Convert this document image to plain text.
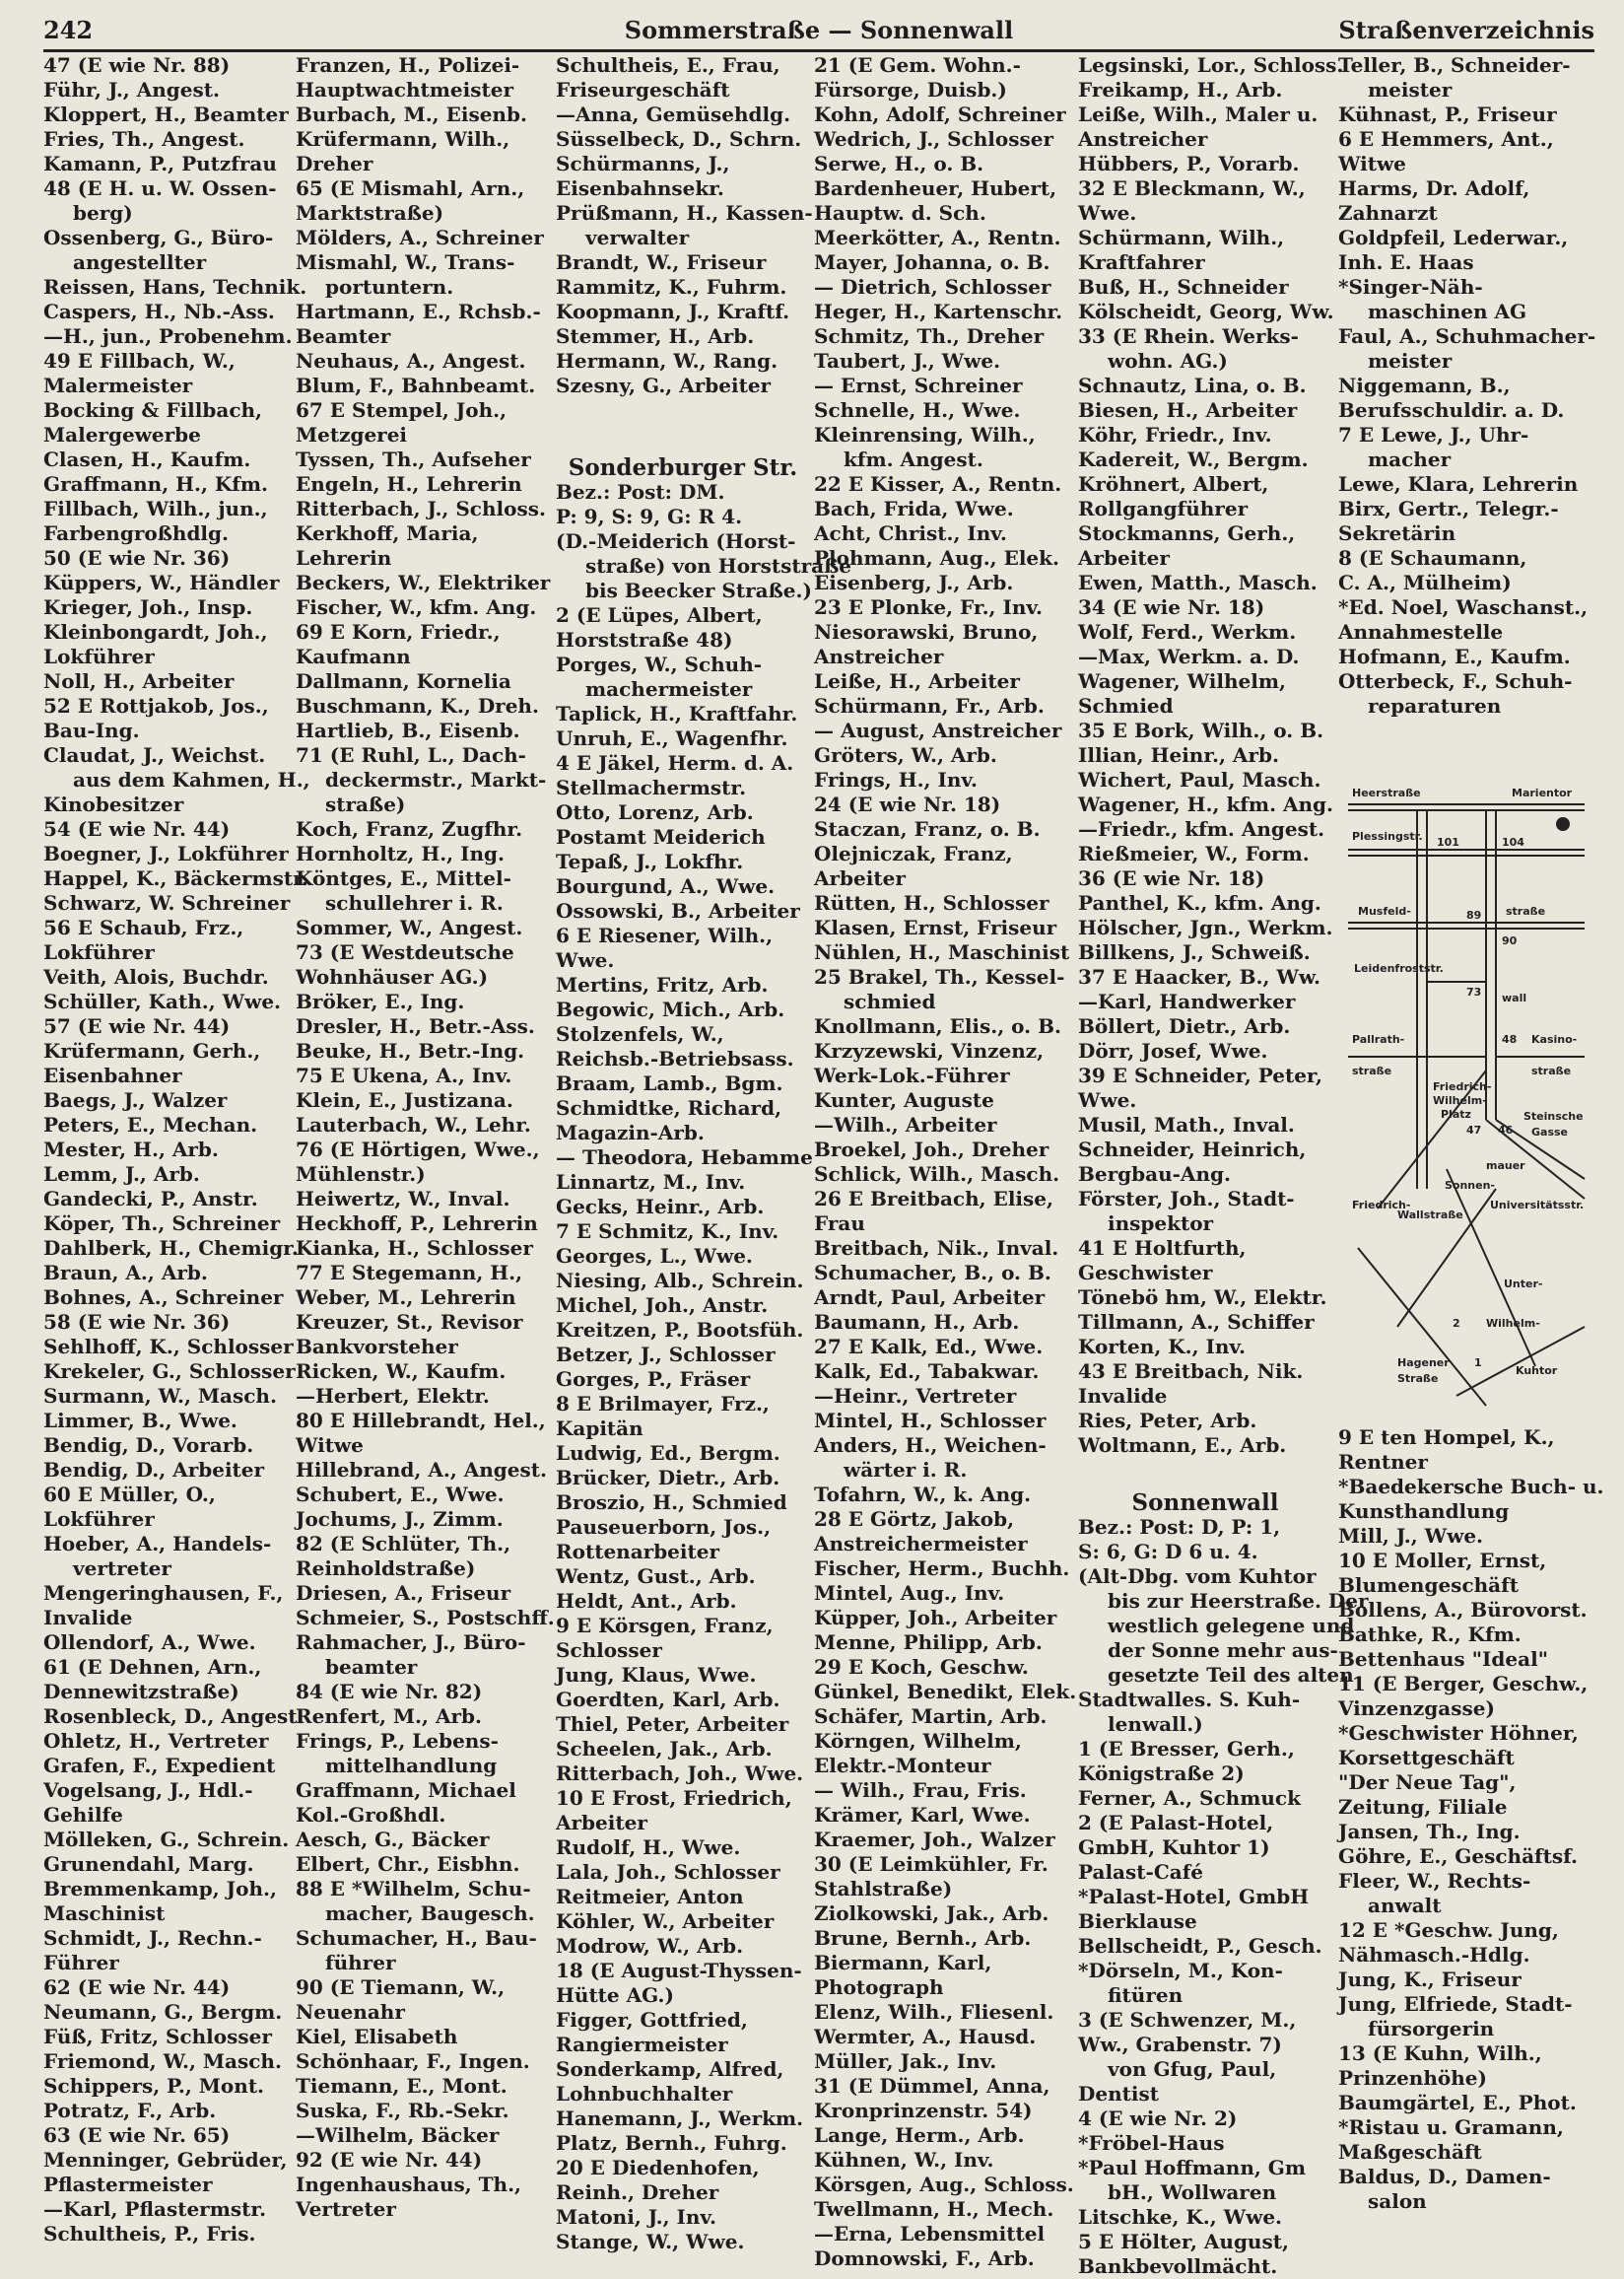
242	Sommerstraße — Sonnenwall	Straßenverzeichnis
47 (E wie Nr. 88)
Führ, J., Angest.
Kloppert, H., Beamter
Fries, Th., Angest.
Kamann, P., Putzfrau
48 (E H. u. W. Ossen-
berg)
Ossenberg, G., Büro-
angestellter
Reissen, Hans, Technik.
Caspers, H., Nb.-Ass.
—H., jun., Probenehm.
49 E Fillbach, W.,
Malermeister
Bocking & Fillbach,
Malergewerbe
Clasen, H., Kaufm.
Graffmann, H., Kfm.
Fillbach, Wilh., jun.,
Farbengroßhdlg.
50 (E wie Nr. 36)
Küppers, W., Händler
Krieger, Joh., Insp.
Kleinbongardt, Joh.,
Lokführer
Noll, H., Arbeiter
52 E Rottjakob, Jos.,
Bau-Ing.
Claudat, J., Weichst.
aus dem Kahmen, H.,
Kinobesitzer
54 (E wie Nr. 44)
Boegner, J., Lokführer
Happel, K., Bäckermstr.
Schwarz, W. Schreiner
56 E Schaub, Frz.,
Lokführer
Veith, Alois, Buchdr.
Schüller, Kath., Wwe.
57 (E wie Nr. 44)
Krüfermann, Gerh.,
Eisenbahner
Baegs, J., Walzer
Peters, E., Mechan.
Mester, H., Arb.
Lemm, J., Arb.
Gandecki, P., Anstr.
Köper, Th., Schreiner
Dahlberk, H., Chemigr.
Braun, A., Arb.
Bohnes, A., Schreiner
58 (E wie Nr. 36)
Sehlhoff, K., Schlosser
Krekeler, G., Schlosser
Surmann, W., Masch.
Limmer, B., Wwe.
Bendig, D., Vorarb.
Bendig, D., Arbeiter
60 E Müller, O.,
Lokführer
Hoeber, A., Handels-
vertreter
Mengeringhausen, F.,
Invalide
Ollendorf, A., Wwe.
61 (E Dehnen, Arn.,
Dennewitzstraße)
Rosenbleck, D., Angest.
Ohletz, H., Vertreter
Grafen, F., Expedient
Vogelsang, J., Hdl.-
Gehilfe
Mölleken, G., Schrein.
Grunendahl, Marg.
Bremmenkamp, Joh.,
Maschinist
Schmidt, J., Rechn.-
Führer
62 (E wie Nr. 44)
Neumann, G., Bergm.
Füß, Fritz, Schlosser
Friemond, W., Masch.
Schippers, P., Mont.
Potratz, F., Arb.
63 (E wie Nr. 65)
Menninger, Gebrüder,
Pflastermeister
—Karl, Pflastermstr.
Schultheis, P., Fris.
Franzen, H., Polizei-
Hauptwachtmeister
Burbach, M., Eisenb.
Krüfermann, Wilh.,
Dreher
65 (E Mismahl, Arn.,
Marktstraße)
Mölders, A., Schreiner
Mismahl, W., Trans-
portuntern.
Hartmann, E., Rchsb.-
Beamter
Neuhaus, A., Angest.
Blum, F., Bahnbeamt.
67 E Stempel, Joh.,
Metzgerei
Tyssen, Th., Aufseher
Engeln, H., Lehrerin
Ritterbach, J., Schloss.
Kerkhoff, Maria,
Lehrerin
Beckers, W., Elektriker
Fischer, W., kfm. Ang.
69 E Korn, Friedr.,
Kaufmann
Dallmann, Kornelia
Buschmann, K., Dreh.
Hartlieb, B., Eisenb.
71 (E Ruhl, L., Dach-
deckermstr., Markt-
straße)
Koch, Franz, Zugfhr.
Hornholtz, H., Ing.
Köntges, E., Mittel-
schullehrer i. R.
Sommer, W., Angest.
73 (E Westdeutsche
Wohnhäuser AG.)
Bröker, E., Ing.
Dresler, H., Betr.-Ass.
Beuke, H., Betr.-Ing.
75 E Ukena, A., Inv.
Klein, E., Justizana.
Lauterbach, W., Lehr.
76 (E Hörtigen, Wwe.,
Mühlenstr.)
Heiwertz, W., Inval.
Heckhoff, P., Lehrerin
Kianka, H., Schlosser
77 E Stegemann, H.,
Weber, M., Lehrerin
Kreuzer, St., Revisor
Bankvorsteher
Ricken, W., Kaufm.
—Herbert, Elektr.
80 E Hillebrandt, Hel.,
Witwe
Hillebrand, A., Angest.
Schubert, E., Wwe.
Jochums, J., Zimm.
82 (E Schlüter, Th.,
Reinholdstraße)
Driesen, A., Friseur
Schmeier, S., Postschff.
Rahmacher, J., Büro-
beamter
84 (E wie Nr. 82)
Renfert, M., Arb.
Frings, P., Lebens-
mittelhandlung
Graffmann, Michael
Kol.-Großhdl.
Aesch, G., Bäcker
Elbert, Chr., Eisbhn.
88 E *Wilhelm, Schu-
macher, Baugesch.
Schumacher, H., Bau-
führer
90 (E Tiemann, W.,
Neuenahr
Kiel, Elisabeth
Schönhaar, F., Ingen.
Tiemann, E., Mont.
Suska, F., Rb.-Sekr.
—Wilhelm, Bäcker
92 (E wie Nr. 44)
Ingenhaushaus, Th.,
Vertreter
Schultheis, E., Frau,
Friseurgeschäft
—Anna, Gemüsehdlg.
Süsselbeck, D., Schrn.
Schürmanns, J.,
Eisenbahnsekr.
Prüßmann, H., Kassen-
verwalter
Brandt, W., Friseur
Rammitz, K., Fuhrm.
Koopmann, J., Kraftf.
Stemmer, H., Arb.
Hermann, W., Rang.
Szesny, G., Arbeiter

Sonderburger Str.
Bez.: Post: DM.
P: 9, S: 9, G: R 4.
(D.-Meiderich (Horst-
straße) von Horststraße
bis Beecker Straße.)
2 (E Lüpes, Albert,
Horststraße 48)
Porges, W., Schuh-
machermeister
Taplick, H., Kraftfahr.
Unruh, E., Wagenfhr.
4 E Jäkel, Herm. d. A.
Stellmachermstr.
Otto, Lorenz, Arb.
Postamt Meiderich
Tepaß, J., Lokfhr.
Bourgund, A., Wwe.
Ossowski, B., Arbeiter
6 E Riesener, Wilh.,
Wwe.
Mertins, Fritz, Arb.
Begowic, Mich., Arb.
Stolzenfels, W.,
Reichsb.-Betriebsass.
Braam, Lamb., Bgm.
Schmidtke, Richard,
Magazin-Arb.
— Theodora, Hebamme
Linnartz, M., Inv.
Gecks, Heinr., Arb.
7 E Schmitz, K., Inv.
Georges, L., Wwe.
Niesing, Alb., Schrein.
Michel, Joh., Anstr.
Kreitzen, P., Bootsfüh.
Betzer, J., Schlosser
Gorges, P., Fräser
8 E Brilmayer, Frz.,
Kapitän
Ludwig, Ed., Bergm.
Brücker, Dietr., Arb.
Broszio, H., Schmied
Pauseuerborn, Jos.,
Rottenarbeiter
Wentz, Gust., Arb.
Heldt, Ant., Arb.
9 E Körsgen, Franz,
Schlosser
Jung, Klaus, Wwe.
Goerdten, Karl, Arb.
Thiel, Peter, Arbeiter
Scheelen, Jak., Arb.
Ritterbach, Joh., Wwe.
10 E Frost, Friedrich,
Arbeiter
Rudolf, H., Wwe.
Lala, Joh., Schlosser
Reitmeier, Anton
Köhler, W., Arbeiter
Modrow, W., Arb.
18 (E August-Thyssen-
Hütte AG.)
Figger, Gottfried,
Rangiermeister
Sonderkamp, Alfred,
Lohnbuchhalter
Hanemann, J., Werkm.
Platz, Bernh., Fuhrg.
20 E Diedenhofen,
Reinh., Dreher
Matoni, J., Inv.
Stange, W., Wwe.
21 (E Gem. Wohn.-
Fürsorge, Duisb.)
Kohn, Adolf, Schreiner
Wedrich, J., Schlosser
Serwe, H., o. B.
Bardenheuer, Hubert,
Hauptw. d. Sch.
Meerkötter, A., Rentn.
Mayer, Johanna, o. B.
— Dietrich, Schlosser
Heger, H., Kartenschr.
Schmitz, Th., Dreher
Taubert, J., Wwe.
— Ernst, Schreiner
Schnelle, H., Wwe.
Kleinrensing, Wilh.,
kfm. Angest.
22 E Kisser, A., Rentn.
Bach, Frida, Wwe.
Acht, Christ., Inv.
Plohmann, Aug., Elek.
Eisenberg, J., Arb.
23 E Plonke, Fr., Inv.
Niesorawski, Bruno,
Anstreicher
Leiße, H., Arbeiter
Schürmann, Fr., Arb.
— August, Anstreicher
Gröters, W., Arb.
Frings, H., Inv.
24 (E wie Nr. 18)
Staczan, Franz, o. B.
Olejniczak, Franz,
Arbeiter
Rütten, H., Schlosser
Klasen, Ernst, Friseur
Nühlen, H., Maschinist
25 Brakel, Th., Kessel-
schmied
Knollmann, Elis., o. B.
Krzyzewski, Vinzenz,
Werk-Lok.-Führer
Kunter, Auguste
—Wilh., Arbeiter
Broekel, Joh., Dreher
Schlick, Wilh., Masch.
26 E Breitbach, Elise,
Frau
Breitbach, Nik., Inval.
Schumacher, B., o. B.
Arndt, Paul, Arbeiter
Baumann, H., Arb.
27 E Kalk, Ed., Wwe.
Kalk, Ed., Tabakwar.
—Heinr., Vertreter
Mintel, H., Schlosser
Anders, H., Weichen-
wärter i. R.
Tofahrn, W., k. Ang.
28 E Görtz, Jakob,
Anstreichermeister
Fischer, Herm., Buchh.
Mintel, Aug., Inv.
Küpper, Joh., Arbeiter
Menne, Philipp, Arb.
29 E Koch, Geschw.
Günkel, Benedikt, Elek.
Schäfer, Martin, Arb.
Körngen, Wilhelm,
Elektr.-Monteur
— Wilh., Frau, Fris.
Krämer, Karl, Wwe.
Kraemer, Joh., Walzer
30 (E Leimkühler, Fr.
Stahlstraße)
Ziolkowski, Jak., Arb.
Brune, Bernh., Arb.
Biermann, Karl,
Photograph
Elenz, Wilh., Fliesenl.
Wermter, A., Hausd.
Müller, Jak., Inv.
31 (E Dümmel, Anna,
Kronprinzenstr. 54)
Lange, Herm., Arb.
Kühnen, W., Inv.
Körsgen, Aug., Schloss.
Twellmann, H., Mech.
—Erna, Lebensmittel
Domnowski, F., Arb.
Legsinski, Lor., Schloss.
Freikamp, H., Arb.
Leiße, Wilh., Maler u.
Anstreicher
Hübbers, P., Vorarb.
32 E Bleckmann, W.,
Wwe.
Schürmann, Wilh.,
Kraftfahrer
Buß, H., Schneider
Kölscheidt, Georg, Ww.
33 (E Rhein. Werks-
wohn. AG.)
Schnautz, Lina, o. B.
Biesen, H., Arbeiter
Köhr, Friedr., Inv.
Kadereit, W., Bergm.
Kröhnert, Albert,
Rollgangführer
Stockmanns, Gerh.,
Arbeiter
Ewen, Matth., Masch.
34 (E wie Nr. 18)
Wolf, Ferd., Werkm.
—Max, Werkm. a. D.
Wagener, Wilhelm,
Schmied
35 E Bork, Wilh., o. B.
Illian, Heinr., Arb.
Wichert, Paul, Masch.
Wagener, H., kfm. Ang.
—Friedr., kfm. Angest.
Rießmeier, W., Form.
36 (E wie Nr. 18)
Panthel, K., kfm. Ang.
Hölscher, Jgn., Werkm.
Billkens, J., Schweiß.
37 E Haacker, B., Ww.
—Karl, Handwerker
Böllert, Dietr., Arb.
Dörr, Josef, Wwe.
39 E Schneider, Peter,
Wwe.
Musil, Math., Inval.
Schneider, Heinrich,
Bergbau-Ang.
Förster, Joh., Stadt-
inspektor
41 E Holtfurth,
Geschwister
Tönebö hm, W., Elektr.
Tillmann, A., Schiffer
Korten, K., Inv.
43 E Breitbach, Nik.
Invalide
Ries, Peter, Arb.
Woltmann, E., Arb.

Sonnenwall
Bez.: Post: D, P: 1,
S: 6, G: D 6 u. 4.
(Alt-Dbg. vom Kuhtor
bis zur Heerstraße. Der
westlich gelegene und
der Sonne mehr aus-
gesetzte Teil des alten
Stadtwalles. S. Kuh-
lenwall.)
1 (E Bresser, Gerh.,
Königstraße 2)
Ferner, A., Schmuck
2 (E Palast-Hotel,
GmbH, Kuhtor 1)
Palast-Café
*Palast-Hotel, GmbH
Bierklause
Bellscheidt, P., Gesch.
*Dörseln, M., Kon-
fitüren
3 (E Schwenzer, M.,
Ww., Grabenstr. 7)
von Gfug, Paul,
Dentist
4 (E wie Nr. 2)
*Fröbel-Haus
*Paul Hoffmann, Gm
bH., Wollwaren
Litschke, K., Wwe.
5 E Hölter, August,
Bankbevollmächt.
Teller, B., Schneider-
meister
Kühnast, P., Friseur
6 E Hemmers, Ant.,
Witwe
Harms, Dr. Adolf,
Zahnarzt
Goldpfeil, Lederwar.,
Inh. E. Haas
*Singer-Näh-
maschinen AG
Faul, A., Schuhmacher-
meister
Niggemann, B.,
Berufsschuldir. a. D.
7 E Lewe, J., Uhr-
macher
Lewe, Klara, Lehrerin
Birx, Gertr., Telegr.-
Sekretärin
8 (E Schaumann,
C. A., Mülheim)
*Ed. Noel, Waschanst.,
Annahmestelle
Hofmann, E., Kaufm.
Otterbeck, F., Schuh-
reparaturen
9 E ten Hompel, K.,
Rentner
*Baedekersche Buch- u.
Kunsthandlung
Mill, J., Wwe.
10 E Moller, Ernst,
Blumengeschäft
Bollens, A., Bürovorst.
Bathke, R., Kfm.
Bettenhaus "Ideal"
11 (E Berger, Geschw.,
Vinzenzgasse)
*Geschwister Höhner,
Korsettgeschäft
"Der Neue Tag",
Zeitung, Filiale
Jansen, Th., Ing.
Göhre, E., Geschäftsf.
Fleer, W., Rechts-
anwalt
12 E *Geschw. Jung,
Nähmasch.-Hdlg.
Jung, K., Friseur
Jung, Elfriede, Stadt-
fürsorgerin
13 (E Kuhn, Wilh.,
Prinzenhöhe)
Baumgärtel, E., Phot.
*Ristau u. Gramann,
Maßgeschäft
Baldus, D., Damen-
salon
Heerstraße	Marientor
Plessingstr. 101	104
Musfeld-	straße
89
90
Leidenfroststr.
73 wall
Pallrath-
straße
48 Kasino-
straße
Friedrich-
Wilhelm-
Platz	Steinsche
Gasse
47 46
Friedrich-
Wallstraße
Sonnen-
mauer
Universitätsstr.
Unter-
Kuhtor
1
2 Wilhelm-
Hagener
Straße
